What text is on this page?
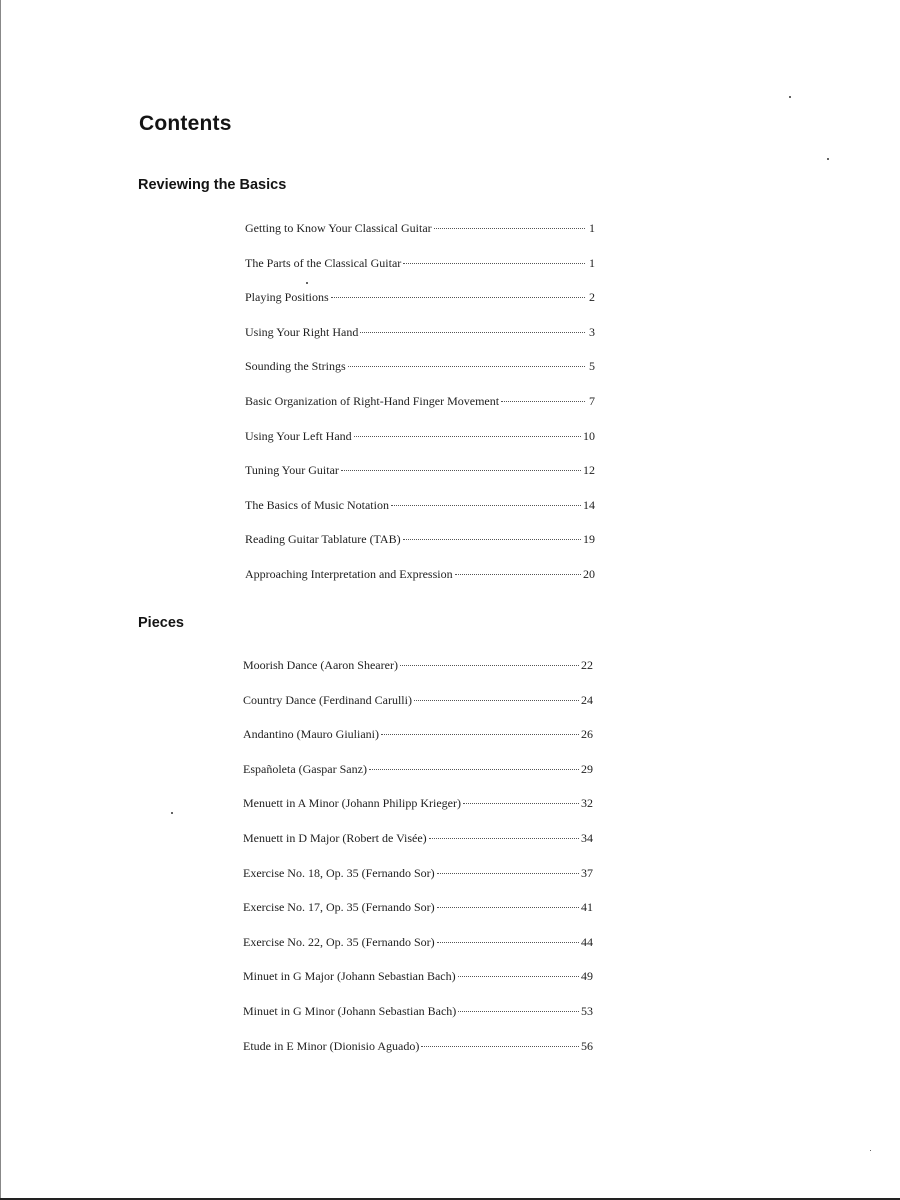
Contents
Reviewing the Basics
Getting to Know Your Classical Guitar	1
The Parts of the Classical Guitar	1
Playing Positions	2
Using Your Right Hand	3
Sounding the Strings	5
Basic Organization of Right-Hand Finger Movement	7
Using Your Left Hand	10
Tuning Your Guitar	12
The Basics of Music Notation	14
Reading Guitar Tablature (TAB)	19
Approaching Interpretation and Expression	20
Pieces
Moorish Dance (Aaron Shearer)	22
Country Dance (Ferdinand Carulli)	24
Andantino (Mauro Giuliani)	26
Españoleta (Gaspar Sanz)	29
Menuett in A Minor (Johann Philipp Krieger)	32
Menuett in D Major (Robert de Visée)	34
Exercise No. 18, Op. 35 (Fernando Sor)	37
Exercise No. 17, Op. 35 (Fernando Sor)	41
Exercise No. 22, Op. 35 (Fernando Sor)	44
Minuet in G Major (Johann Sebastian Bach)	49
Minuet in G Minor (Johann Sebastian Bach)	53
Etude in E Minor (Dionisio Aguado)	56
